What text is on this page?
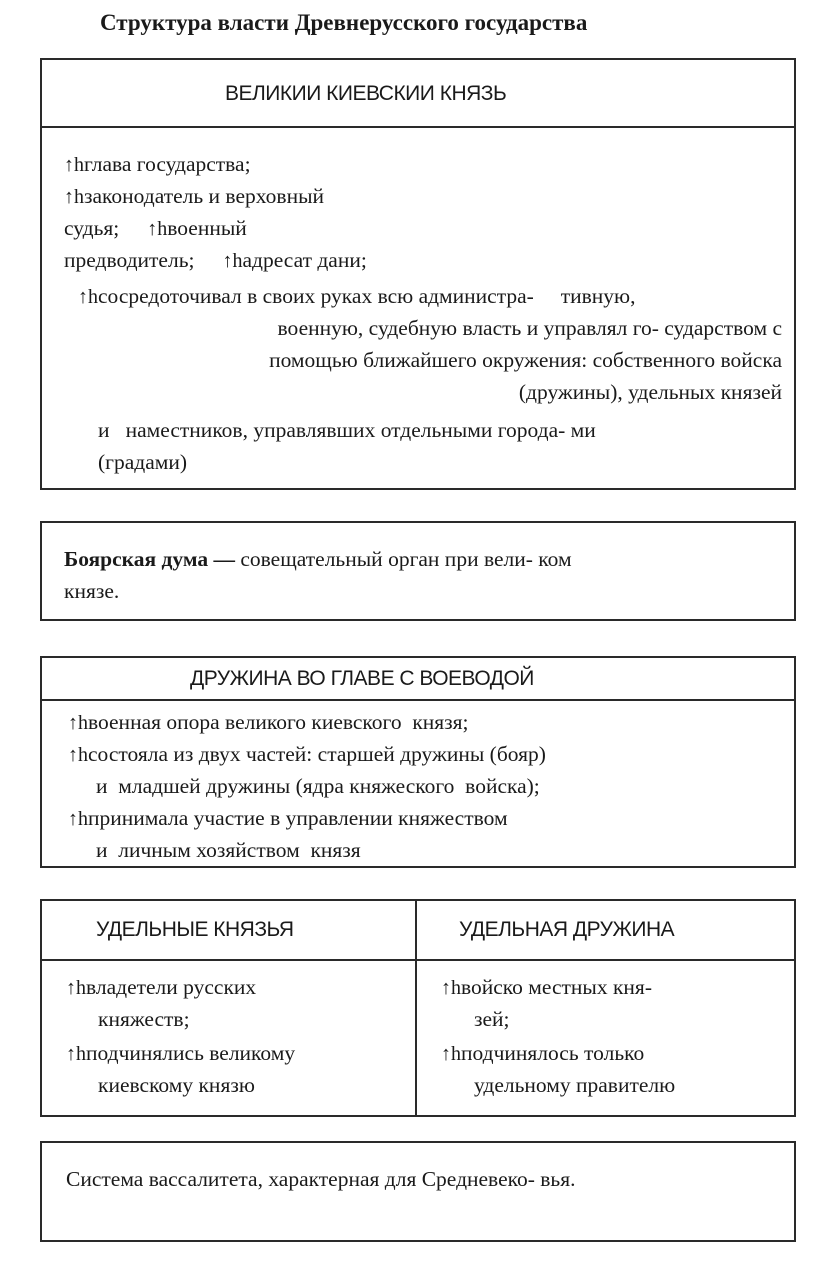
Структура власти Древнерусского государства
ВЕЛИКИИ КИЕВСКИИ КНЯЗЬ
↑hглава государства;
↑hзаконодатель и верховный
судья; ↑hвоенный
предводитель; ↑hадресат дани;
↑hсосредоточивал в своих руках всю администра-     тивную,
военную, судебную власть и управлял го- сударством с
помощью ближайшего окружения: собственного войска
(дружины), удельных князей
и   наместников, управлявших отдельными города- ми
(градами)
Боярская дума — совещательный орган при вели- ком
князе.
ДРУЖИНА ВО ГЛАВЕ С ВОЕВОДОЙ
↑hвоенная опора великого киевского  князя;
↑hсостояла из двух частей: старшей дружины (бояр)
и  младшей дружины (ядра княжеского  войска);
↑hпринимала участие в управлении княжеством
и  личным хозяйством  князя
УДЕЛЬНЫЕ КНЯЗЬЯ	УДЕЛЬНАЯ ДРУЖИНА
↑hвладетели русских
княжеств;
↑hподчинялись великому
киевскому князю
↑hвойско местных кня-
зей;
↑hподчинялось только
удельному правителю
Система вассалитета, характерная для Средневеко- вья.
